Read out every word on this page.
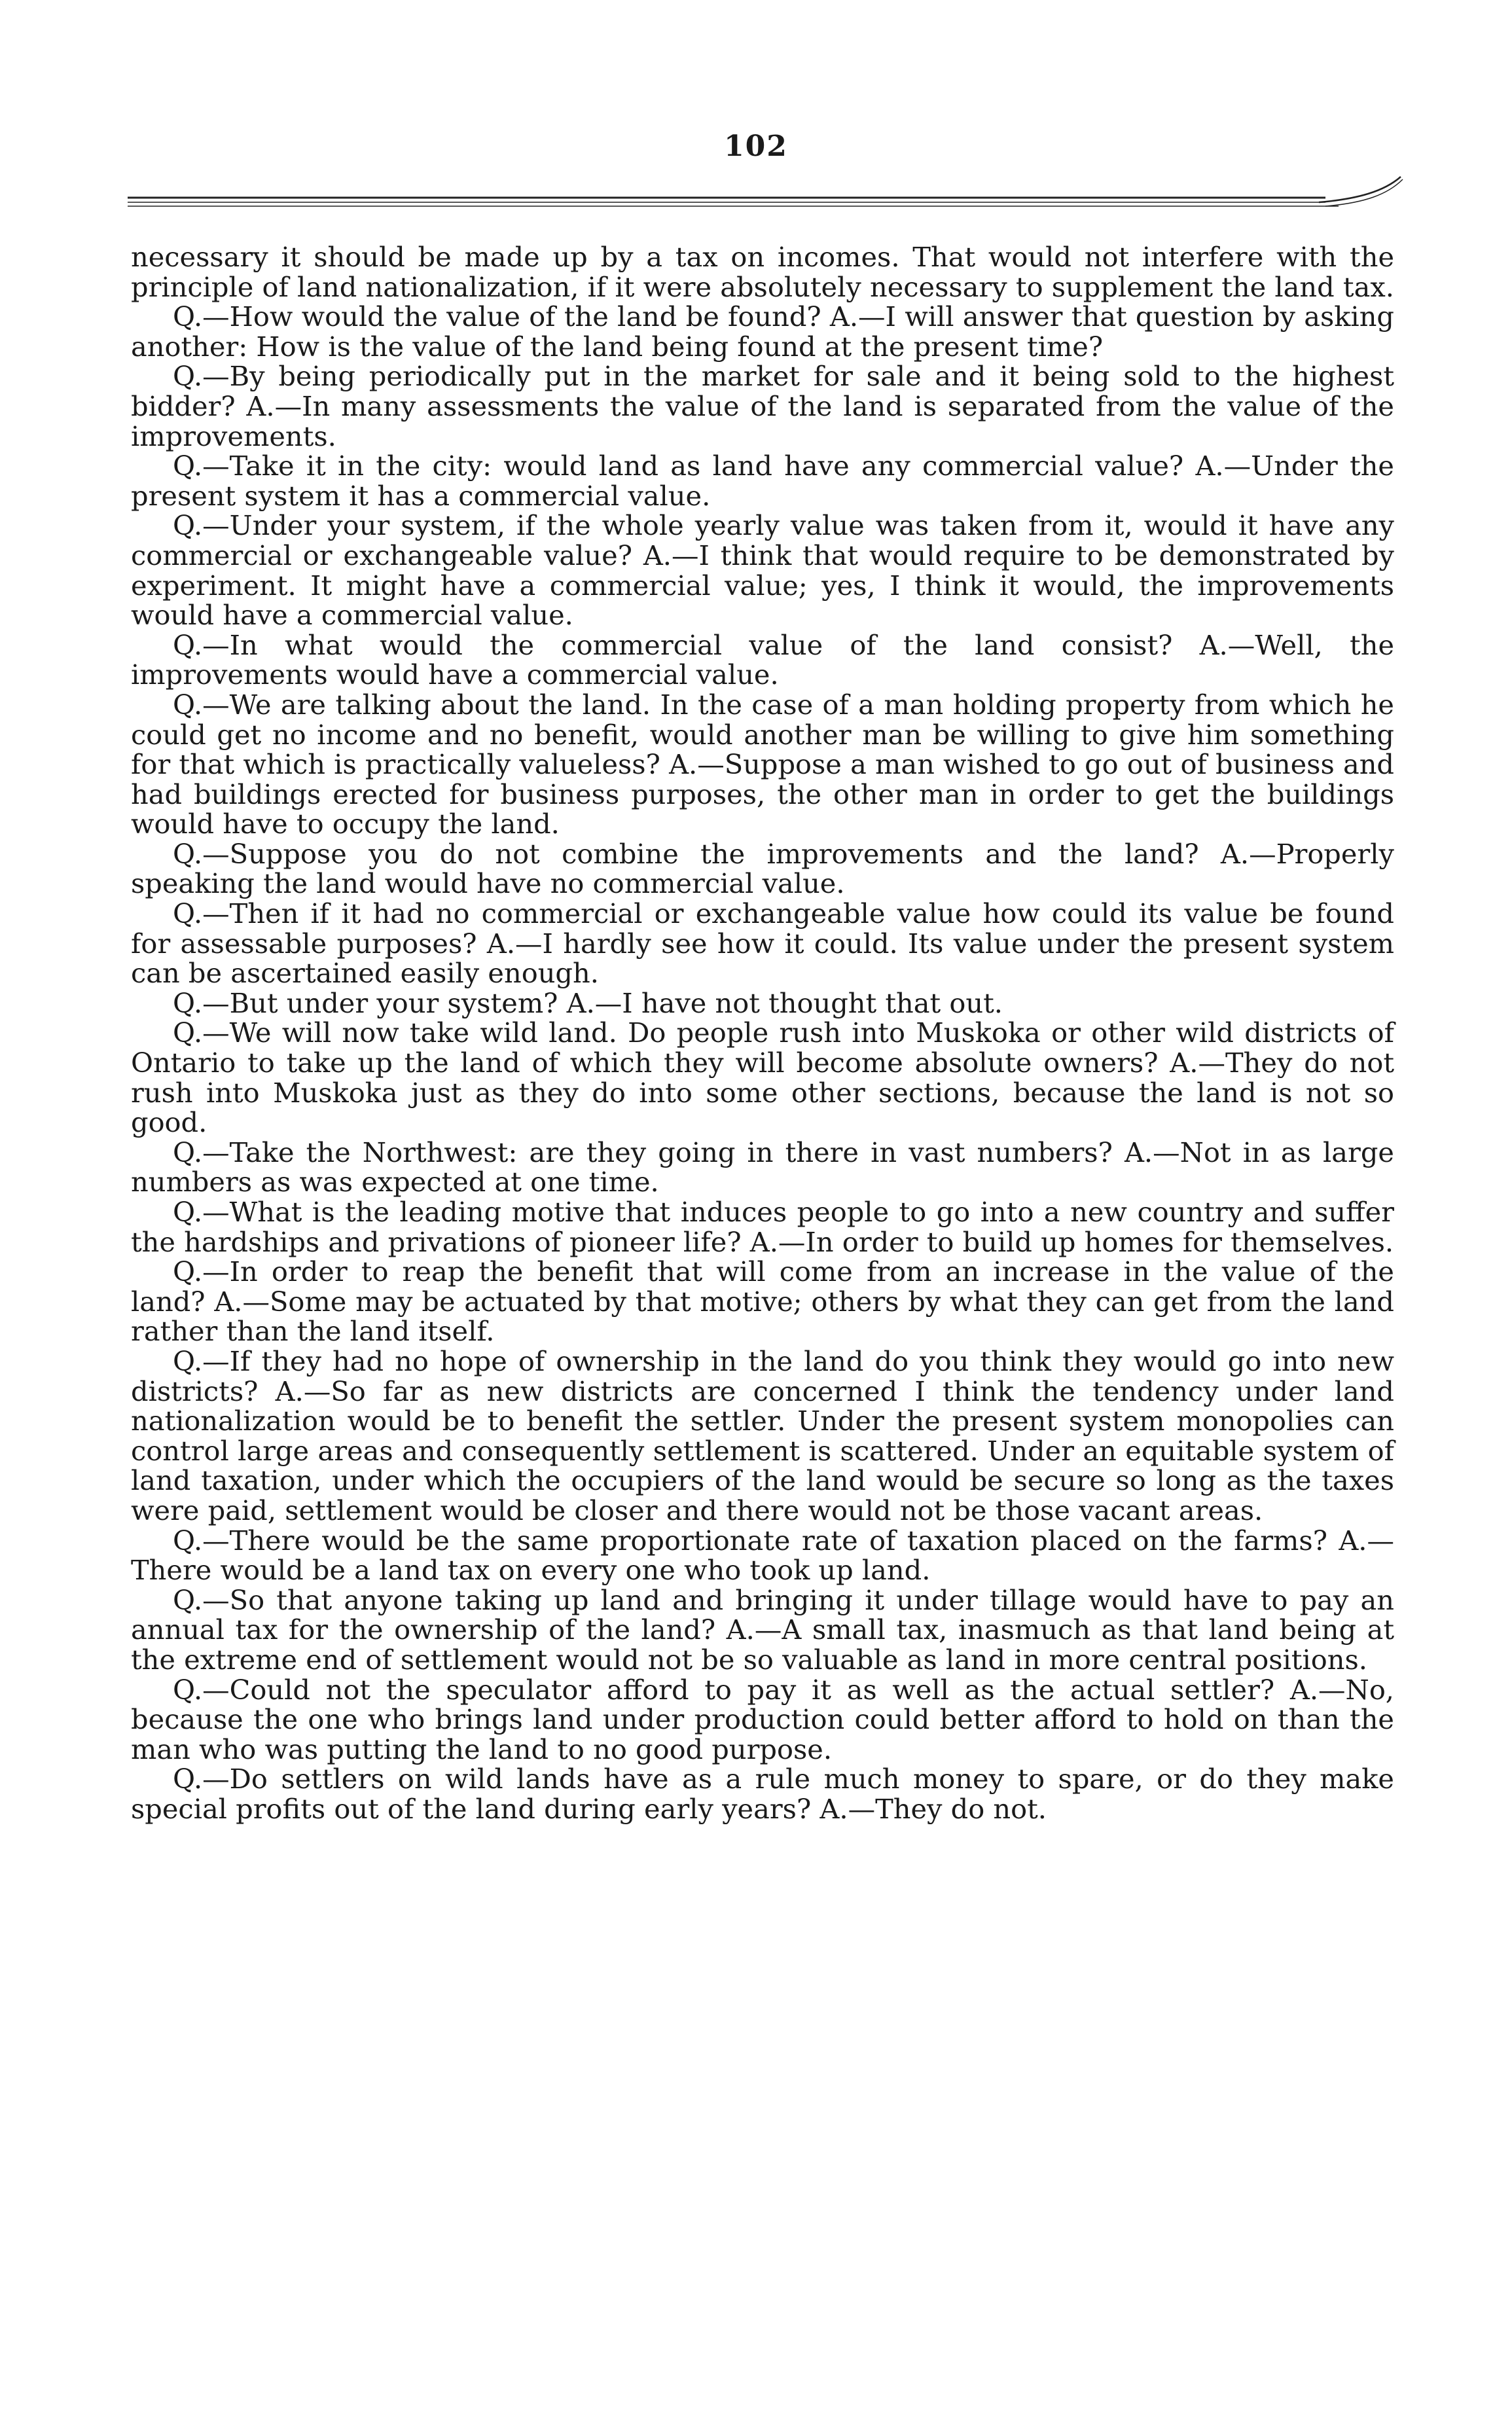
102

necessary it should be made up by a tax on incomes. That would not interfere with the principle of land nationalization, if it were absolutely necessary to supplement the land tax.

Q.—How would the value of the land be found? A.—I will answer that question by asking another: How is the value of the land being found at the present time?

Q.—By being periodically put in the market for sale and it being sold to the highest bidder? A.—In many assessments the value of the land is separated from the value of the improvements.

Q.—Take it in the city: would land as land have any commercial value? A.—Under the present system it has a commercial value.

Q.—Under your system, if the whole yearly value was taken from it, would it have any commercial or exchangeable value? A.—I think that would require to be demonstrated by experiment. It might have a commercial value; yes, I think it would, the improvements would have a commercial value.

Q.—In what would the commercial value of the land consist? A.—Well, the improvements would have a commercial value.

Q.—We are talking about the land. In the case of a man holding property from which he could get no income and no benefit, would another man be willing to give him something for that which is practically valueless? A.—Suppose a man wished to go out of business and had buildings erected for business purposes, the other man in order to get the buildings would have to occupy the land.

Q.—Suppose you do not combine the improvements and the land? A.—Properly speaking the land would have no commercial value.

Q.—Then if it had no commercial or exchangeable value how could its value be found for assessable purposes? A.—I hardly see how it could. Its value under the present system can be ascertained easily enough.

Q.—But under your system? A.—I have not thought that out.

Q.—We will now take wild land. Do people rush into Muskoka or other wild districts of Ontario to take up the land of which they will become absolute owners? A.—They do not rush into Muskoka just as they do into some other sections, because the land is not so good.

Q.—Take the Northwest: are they going in there in vast numbers? A.—Not in as large numbers as was expected at one time.

Q.—What is the leading motive that induces people to go into a new country and suffer the hardships and privations of pioneer life? A.—In order to build up homes for themselves.

Q.—In order to reap the benefit that will come from an increase in the value of the land? A.—Some may be actuated by that motive; others by what they can get from the land rather than the land itself.

Q.—If they had no hope of ownership in the land do you think they would go into new districts? A.—So far as new districts are concerned I think the tendency under land nationalization would be to benefit the settler. Under the present system monopolies can control large areas and consequently settlement is scattered. Under an equitable system of land taxation, under which the occupiers of the land would be secure so long as the taxes were paid, settlement would be closer and there would not be those vacant areas.

Q.—There would be the same proportionate rate of taxation placed on the farms? A.—There would be a land tax on every one who took up land.

Q.—So that anyone taking up land and bringing it under tillage would have to pay an annual tax for the ownership of the land? A.—A small tax, inasmuch as that land being at the extreme end of settlement would not be so valuable as land in more central positions.

Q.—Could not the speculator afford to pay it as well as the actual settler? A.—No, because the one who brings land under production could better afford to hold on than the man who was putting the land to no good purpose.

Q.—Do settlers on wild lands have as a rule much money to spare, or do they make special profits out of the land during early years? A.—They do not.
